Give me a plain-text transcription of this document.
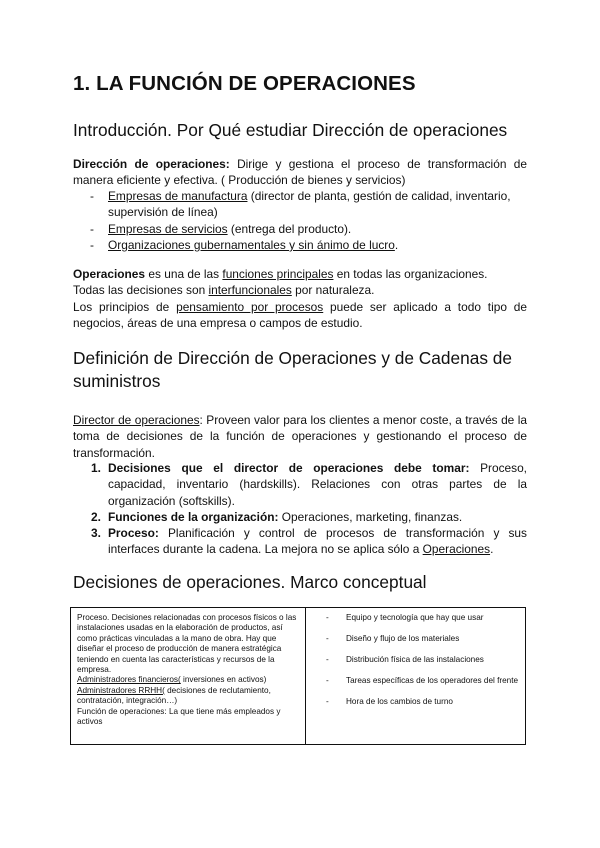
1. LA FUNCIÓN DE OPERACIONES
Introducción. Por Qué estudiar Dirección de operaciones

Dirección de operaciones: Dirige y gestiona el proceso de transformación de manera eficiente y efectiva. ( Producción de bienes y servicios)

- Empresas de manufactura (director de planta, gestión de calidad, inventario, supervisión de línea)
- Empresas de servicios (entrega del producto).
- Organizaciones gubernamentales y sin ánimo de lucro.

Operaciones es una de las funciones principales en todas las organizaciones.
Todas las decisiones son interfuncionales por naturaleza.
Los principios de pensamiento por procesos puede ser aplicado a todo tipo de negocios, áreas de una empresa o campos de estudio.

Definición de Dirección de Operaciones y de Cadenas de suministros

Director de operaciones: Proveen valor para los clientes a menor coste, a través de la toma de decisiones de la función de operaciones y gestionando el proceso de transformación.

1. Decisiones que el director de operaciones debe tomar: Proceso, capacidad, inventario (hardskills). Relaciones con otras partes de la organización (softskills).
2. Funciones de la organización: Operaciones, marketing, finanzas.
3. Proceso: Planificación y control de procesos de transformación y sus interfaces durante la cadena. La mejora no se aplica sólo a Operaciones.
Decisiones de operaciones. Marco conceptual
Proceso. Decisiones relacionadas con procesos físicos o las instalaciones usadas en la elaboración de productos, así como prácticas vinculadas a la mano de obra. Hay que diseñar el proceso de producción de manera estratégica teniendo en cuenta las características y recursos de la empresa.
Administradores financieros( inversiones en activos)
Administradores RRHH( decisiones de reclutamiento, contratación, integración…)
Función de operaciones: La que tiene más empleados y activos
- Equipo y tecnología que hay que usar
- Diseño y flujo de los materiales
- Distribución física de las instalaciones
- Tareas específicas de los operadores del frente
- Hora de los cambios de turno
